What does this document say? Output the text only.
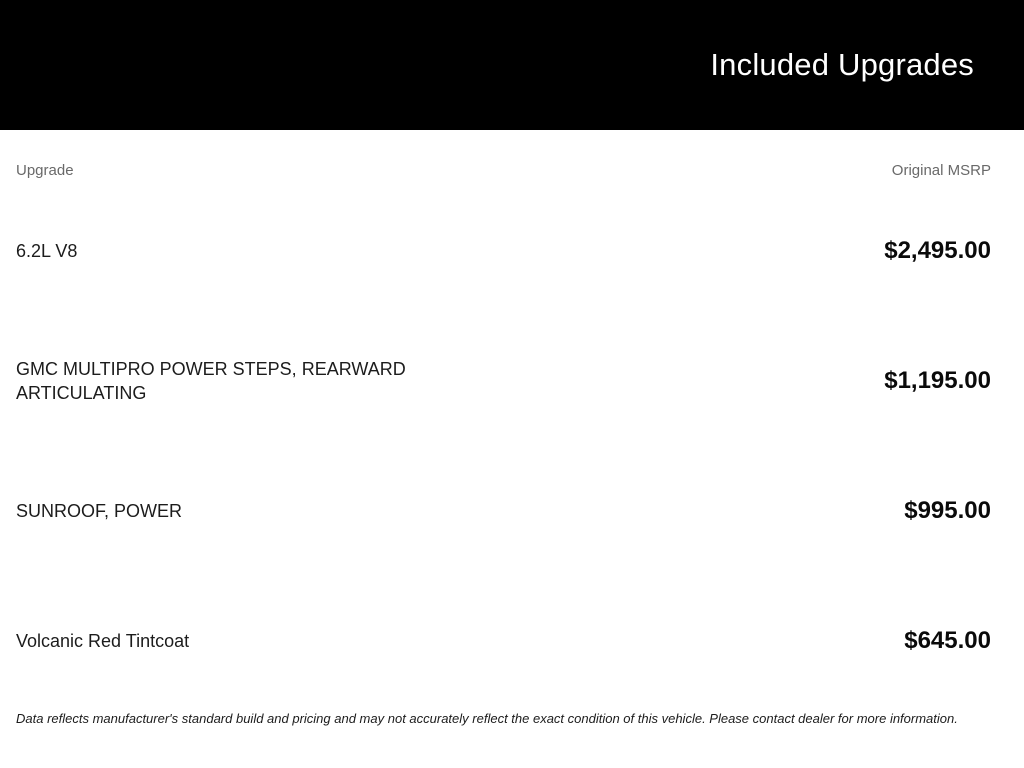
Included Upgrades
Upgrade	Original MSRP
6.2L V8	$2,495.00
GMC MULTIPRO POWER STEPS, REARWARD ARTICULATING	$1,195.00
SUNROOF, POWER	$995.00
Volcanic Red Tintcoat	$645.00
Data reflects manufacturer's standard build and pricing and may not accurately reflect the exact condition of this vehicle. Please contact dealer for more information.
